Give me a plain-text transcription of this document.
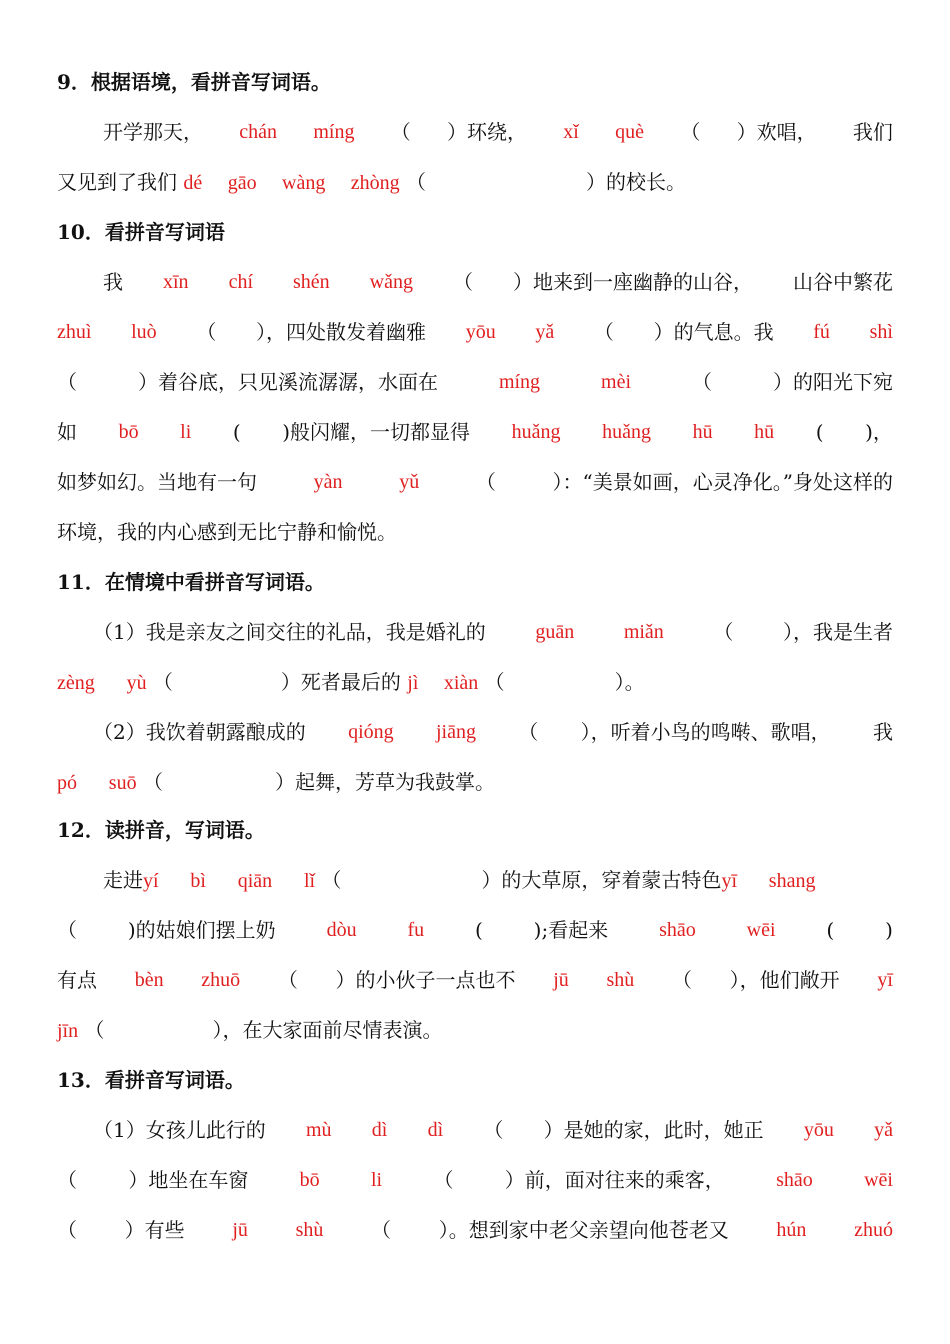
9．根据语境，看拼音写词语。
开学那天， chán míng （ ）环绕， xǐ què （ ）欢唱， 我们
又见到了我们 dé gāo wàng zhòng （	）的校长。
10．看拼音写词语
我 xīn chí shén wǎng （ ）地来到一座幽静的山谷， 山谷中繁花
zhuì luò （ ），四处散发着幽雅 yōu yǎ （ ）的气息。我 fú shì
（	）着谷底，只见溪流潺潺，水面在	míng	mèi	（	）的阳光下宛
如 bō li ( )般闪耀，一切都显得 huǎng huǎng hū hū ( )，
如梦如幻。当地有一句	yàn	yǔ	（	）：“美景如画，心灵净化。”身处这样的
环境，我的内心感到无比宁静和愉悦。
11．在情境中看拼音写词语。
（1）我是亲友之间交往的礼品，我是婚礼的 guān miǎn （ ），我是生者
zèng yù （	）死者最后的 jì xiàn （	）。
（2）我饮着朝露酿成的 qióng jiāng （ ），听着小鸟的鸣啭、歌唱， 我
pó suō （	）起舞，芳草为我鼓掌。
12．读拼音，写词语。
走进yí bì qiān lǐ （	）的大草原，穿着蒙古特色yī shang
（	)的姑娘们摆上奶	dòu	fu	(	);看起来	shāo	wēi	(	)
有点 bèn zhuō （ ）的小伙子一点也不 jū shù （ ），他们敞开 yī
jīn （	），在大家面前尽情表演。
13．看拼音写词语。
（1）女孩儿此行的 mù dì dì （ ）是她的家，此时，她正 yōu yǎ
（	）地坐在车窗	bō	li	（	）前，面对往来的乘客，	shāo	wēi
（ ）有些 jū shù （ ）。想到家中老父亲望向他苍老又 hún zhuó
